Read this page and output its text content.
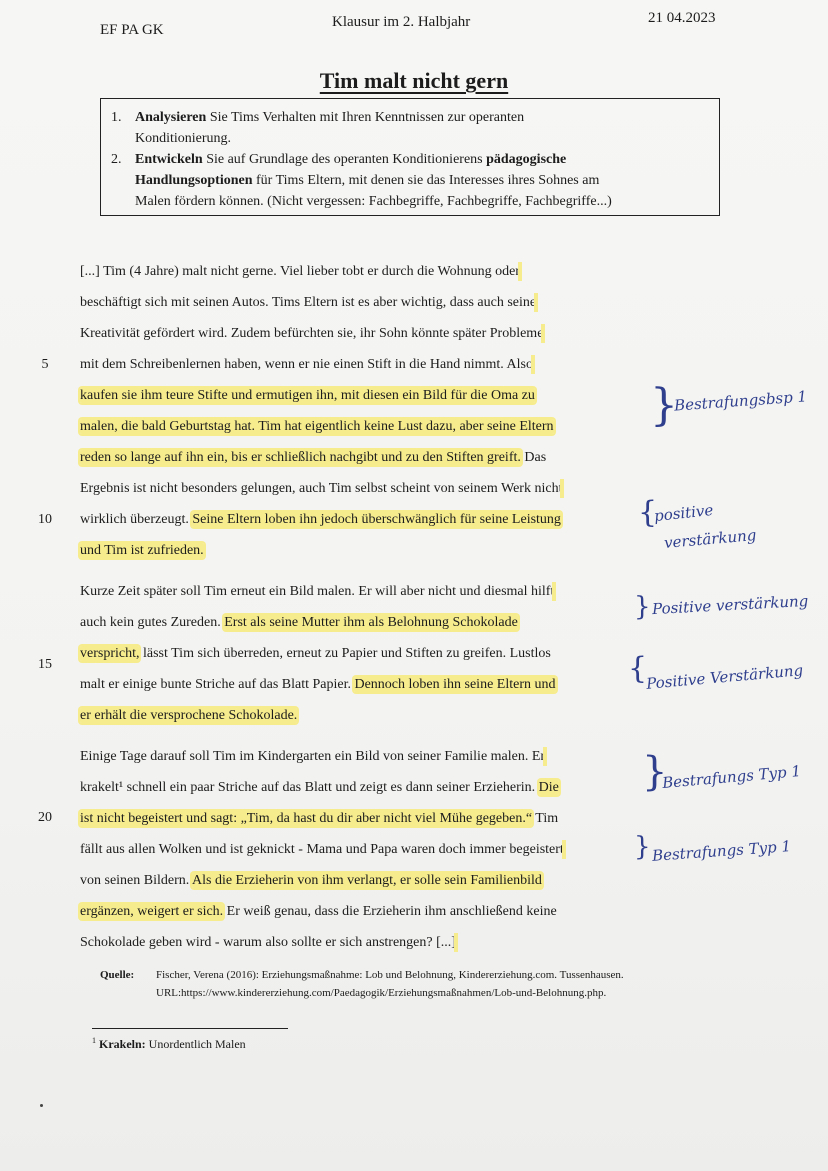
EF PA GK	Klausur im 2. Halbjahr	21 04.2023
Tim malt nicht gern
1. Analysieren Sie Tims Verhalten mit Ihren Kenntnissen zur operanten
Konditionierung.
2. Entwickeln Sie auf Grundlage des operanten Konditionierens pädagogische
Handlungsoptionen für Tims Eltern, mit denen sie das Interesses ihres Sohnes am
Malen fördern können. (Nicht vergessen: Fachbegriffe, Fachbegriffe, Fachbegriffe...)
[...] Tim (4 Jahre) malt nicht gerne. Viel lieber tobt er durch die Wohnung oder
beschäftigt sich mit seinen Autos. Tims Eltern ist es aber wichtig, dass auch seine
Kreativität gefördert wird. Zudem befürchten sie, ihr Sohn könnte später Probleme
mit dem Schreibenlernen haben, wenn er nie einen Stift in die Hand nimmt. Also
kaufen sie ihm teure Stifte und ermutigen ihn, mit diesen ein Bild für die Oma zu
malen, die bald Geburtstag hat. Tim hat eigentlich keine Lust dazu, aber seine Eltern
reden so lange auf ihn ein, bis er schließlich nachgibt und zu den Stiften greift. Das
Ergebnis ist nicht besonders gelungen, auch Tim selbst scheint von seinem Werk nicht
wirklich überzeugt. Seine Eltern loben ihn jedoch überschwänglich für seine Leistung
und Tim ist zufrieden.
Kurze Zeit später soll Tim erneut ein Bild malen. Er will aber nicht und diesmal hilft
auch kein gutes Zureden. Erst als seine Mutter ihm als Belohnung Schokolade
verspricht, lässt Tim sich überreden, erneut zu Papier und Stiften zu greifen. Lustlos
malt er einige bunte Striche auf das Blatt Papier. Dennoch loben ihn seine Eltern und
er erhält die versprochene Schokolade.
Einige Tage darauf soll Tim im Kindergarten ein Bild von seiner Familie malen. Er
krakelt¹ schnell ein paar Striche auf das Blatt und zeigt es dann seiner Erzieherin. Die
ist nicht begeistert und sagt: „Tim, da hast du dir aber nicht viel Mühe gegeben.“ Tim
fällt aus allen Wolken und ist geknickt - Mama und Papa waren doch immer begeistert
von seinen Bildern. Als die Erzieherin von ihm verlangt, er solle sein Familienbild
ergänzen, weigert er sich. Er weiß genau, dass die Erzieherin ihm anschließend keine
Schokolade geben wird - warum also sollte er sich anstrengen? [...]
5
10
15
20
}
Bestrafungsbsp 1
{
positive
verstärkung
} Positive verstärkung
{
Positive Verstärkung
}
Bestrafungs Typ 1
} Bestrafungs Typ 1
Quelle:	Fischer, Verena (2016): Erziehungsmaßnahme: Lob und Belohnung, Kindererziehung.com. Tussenhausen.
URL:https://www.kindererziehung.com/Paedagogik/Erziehungsmaßnahmen/Lob-und-Belohnung.php.
$^1$ Krakeln: Unordentlich Malen
